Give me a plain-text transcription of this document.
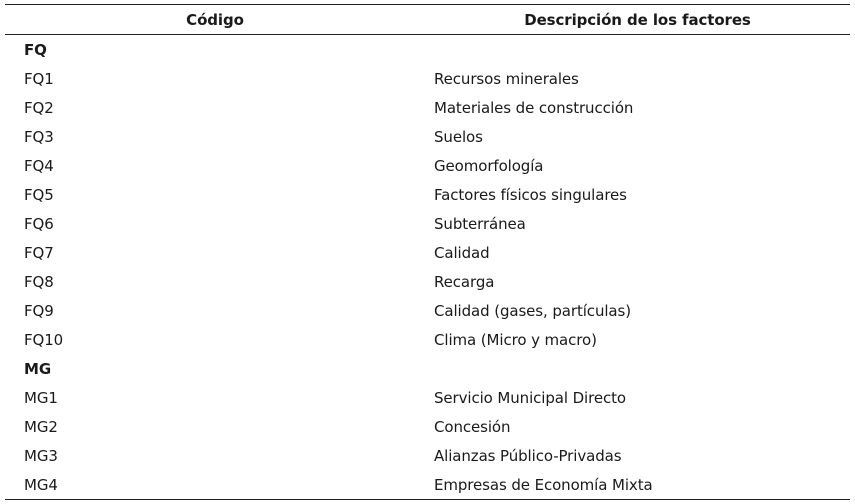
Código	Descripción de los factores
FQ	
FQ1	Recursos minerales
FQ2	Materiales de construcción
FQ3	Suelos
FQ4	Geomorfología
FQ5	Factores físicos singulares
FQ6	Subterránea
FQ7	Calidad
FQ8	Recarga
FQ9	Calidad (gases, partículas)
FQ10	Clima (Micro y macro)
MG	
MG1	Servicio Municipal Directo
MG2	Concesión
MG3	Alianzas Público-Privadas
MG4	Empresas de Economía Mixta
